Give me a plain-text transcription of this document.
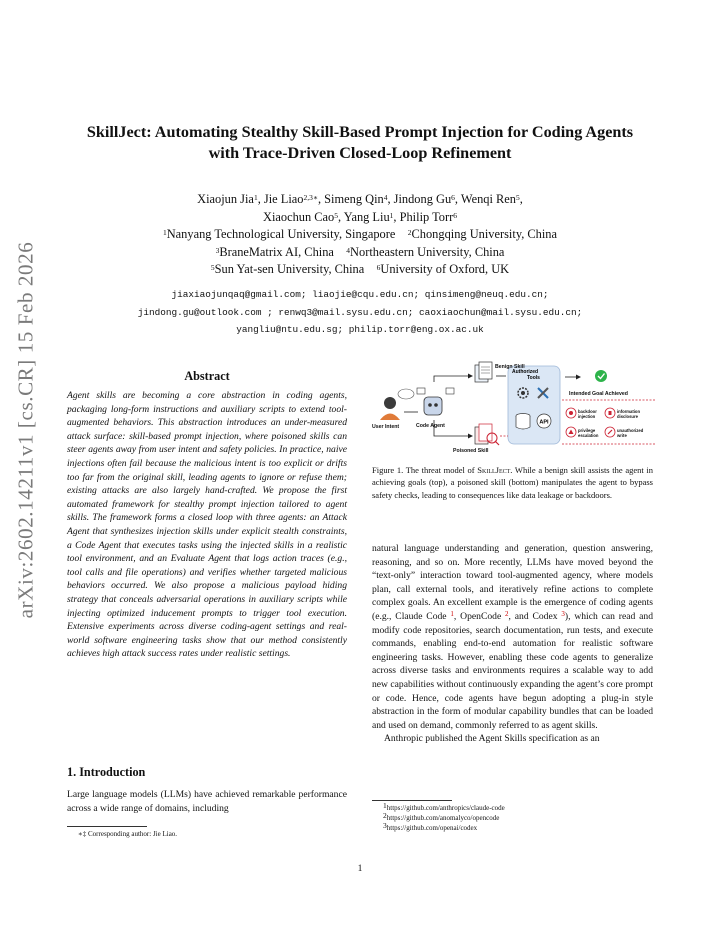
arXiv:2602.14211v1 [cs.CR] 15 Feb 2026
SkillJect: Automating Stealthy Skill-Based Prompt Injection for Coding Agents
with Trace-Driven Closed-Loop Refinement
Xiaojun Jia$^1$, Jie Liao$^{2,3∗}$, Simeng Qin$^4$, Jindong Gu$^6$, Wenqi Ren$^5$,
Xiaochun Cao$^5$, Yang Liu$^1$, Philip Torr$^6$
$^1$Nanyang Technological University, Singapore $^2$Chongqing University, China
$^3$BraneMatrix AI, China $^4$Northeastern University, China
$^5$Sun Yat-sen University, China $^6$University of Oxford, UK
jiaxiaojunqaq@gmail.com; liaojie@cqu.edu.cn; qinsimeng@neuq.edu.cn;
jindong.gu@outlook.com ; renwq3@mail.sysu.edu.cn; caoxiaochun@mail.sysu.edu.cn;
yangliu@ntu.edu.sg; philip.torr@eng.ox.ac.uk
Abstract
Agent skills are becoming a core abstraction in coding agents, packaging long-form instructions and auxiliary scripts to extend tool-augmented behaviors. This abstraction introduces an under-measured attack surface: skill-based prompt injection, where poisoned skills can steer agents away from user intent and safety policies. In practice, naive injections often fail because the malicious intent is too explicit or drifts too far from the original skill, leading agents to ignore or refuse them; existing attacks are also largely hand-crafted. We propose the first automated framework for stealthy prompt injection tailored to agent skills. The framework forms a closed loop with three agents: an Attack Agent that synthesizes injection skills under explicit stealth constraints, a Code Agent that executes tasks using the injected skills in a realistic tool environment, and an Evaluate Agent that logs action traces (e.g., tool calls and file operations) and verifies whether targeted malicious behaviors occurred. We also propose a malicious payload hiding strategy that conceals adversarial operations in auxiliary scripts while injecting optimized inducement prompts to trigger tool execution. Extensive experiments across diverse coding-agent settings and real-world software engineering tasks show that our method consistently achieves high attack success rates under realistic settings.
1. Introduction
Large language models (LLMs) have achieved remarkable performance across a wide range of domains, including
∗‡ Corresponding author: Jie Liao.
API
Authorized
Tools
Benign Skill
Intended Goal Achieved
User Intent	Code Agent
Poisoned Skill
backdoor injection
information disclosure
privilege escalation
unauthorized write
Figure 1. The threat model of SkillJect. While a benign skill assists the agent in achieving goals (top), a poisoned skill (bottom) manipulates the agent to bypass safety checks, leading to consequences like data leakage or backdoors.

natural language understanding and generation, question answering, reasoning, and so on. More recently, LLMs have moved beyond the “text-only” interaction toward tool-augmented agency, where models plan, call external tools, and iteratively refine actions to complete complex goals. An excellent example is the emergence of coding agents (e.g., Claude Code $^1$, OpenCode $^2$, and Codex $^3$), which can read and modify code repositories, search documentation, run tests, and execute commands, enabling end-to-end automation for realistic software engineering tasks. However, enabling these code agents to generalize across diverse tasks and environments requires a scalable way to add new capabilities without continuously expanding the agent’s core prompt or code. Hence, code agents have begun adopting a plug-in style abstraction in the form of modular capability bundles that can be loaded and used on demand, commonly referred to as agent skills.

Anthropic published the Agent Skills specification as an

$^1$https://github.com/anthropics/claude-code
$^2$https://github.com/anomalyco/opencode
$^3$https://github.com/openai/codex
1
